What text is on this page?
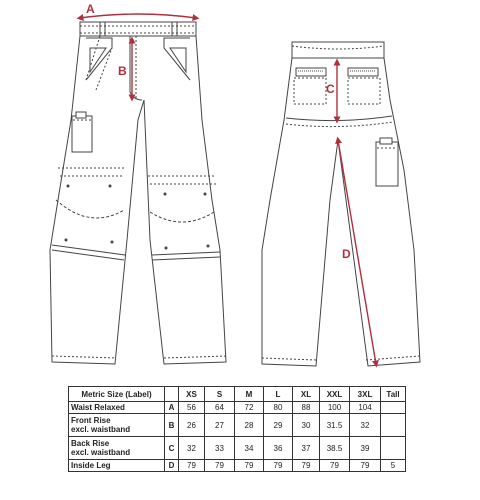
A
B
C
D
Metric Size (Label)		XS	S	M	L	XL	XXL	3XL	Tall
Waist Relaxed	A	56	64	72	80	88	100	104	
Front Rise
excl. waistband	B	26	27	28	29	30	31.5	32	
Back Rise
excl. waistband	C	32	33	34	36	37	38.5	39	
Inside Leg	D	79	79	79	79	79	79	79	5
